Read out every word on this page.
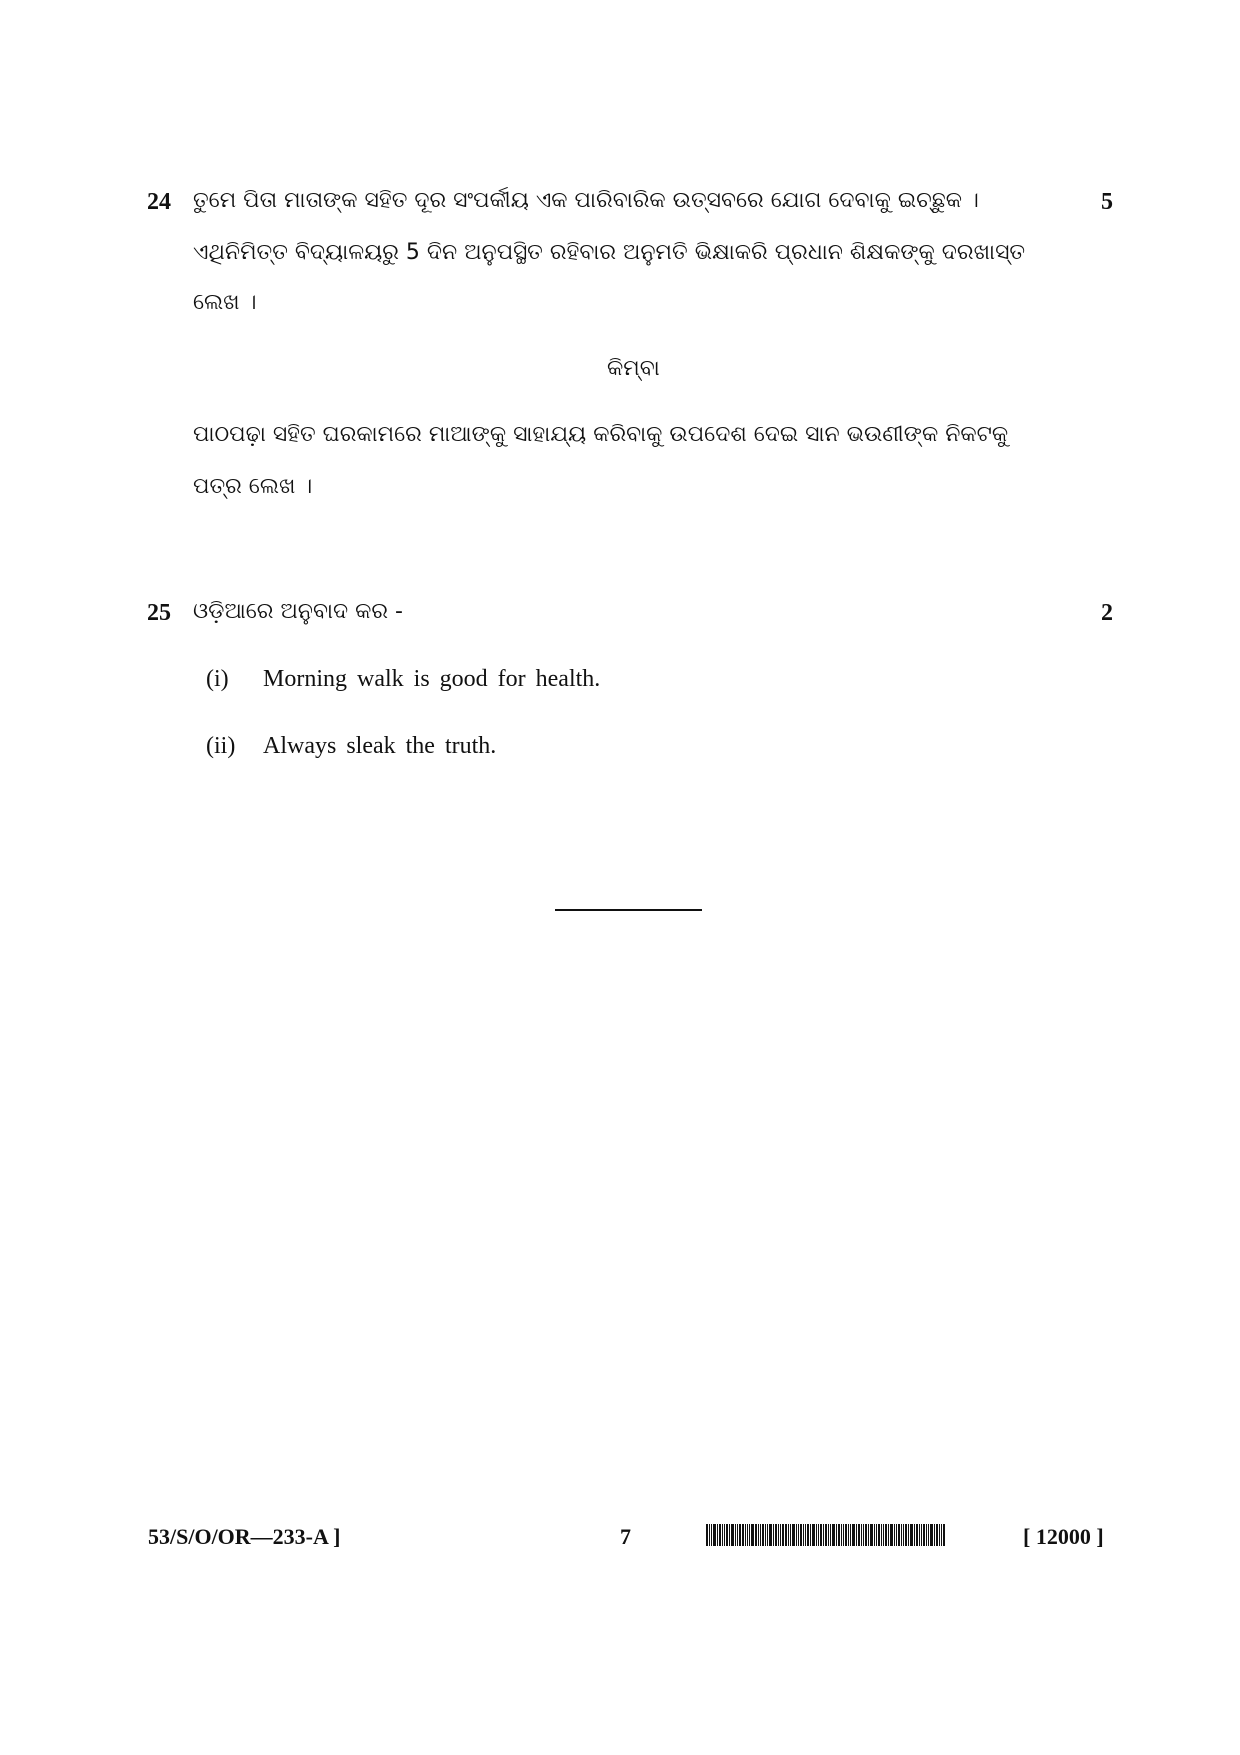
24	5
ତୁମେ ପିତା ମାତାଙ୍କ ସହିତ ଦୂର ସଂପର୍କୀୟ ଏକ ପାରିବାରିକ ଉତ୍ସବରେ ଯୋଗ ଦେବାକୁ ଇଚ୍ଛୁକ ।
ଏଥିନିମିତ୍ତ ବିଦ୍ୟାଳୟରୁ 5 ଦିନ ଅନୁପସ୍ଥିତ ରହିବାର ଅନୁମତି ଭିକ୍ଷାକରି ପ୍ରଧାନ ଶିକ୍ଷକଙ୍କୁ ଦରଖାସ୍ତ
ଲେଖ ।
କିମ୍ବା
ପାଠପଢ଼ା ସହିତ ଘରକାମରେ ମାଆଙ୍କୁ ସାହାଯ୍ୟ କରିବାକୁ ଉପଦେଶ ଦେଇ ସାନ ଭଉଣୀଙ୍କ ନିକଟକୁ
ପତ୍ର ଲେଖ ।
25	2
ଓଡ଼ିଆରେ ଅନୁବାଦ କର -
(i) Morning walk is good for health.
(ii) Always sleak the truth.
53/S/O/OR—233-A ]	7	[ 12000 ]
